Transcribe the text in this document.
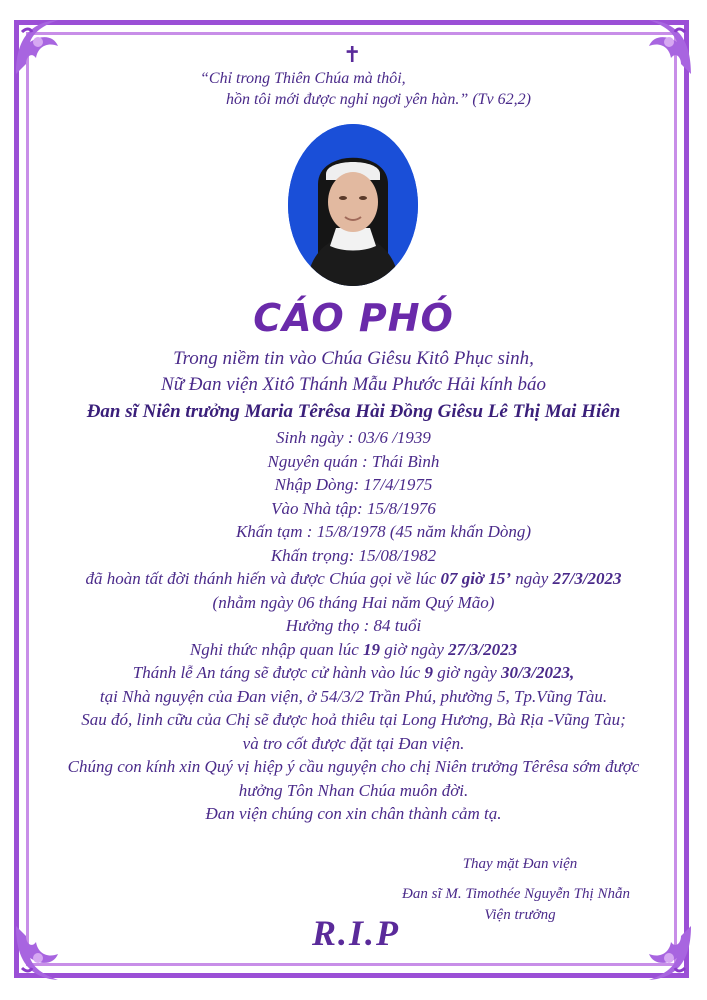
✝
“Chỉ trong Thiên Chúa mà thôi,
hồn tôi mới được nghỉ ngơi yên hàn.” (Tv 62,2)
CÁO PHÓ
Trong niềm tin vào Chúa Giêsu Kitô Phục sinh,
Nữ Đan viện Xitô Thánh Mẫu Phước Hải kính báo
Đan sĩ Niên trưởng Maria Têrêsa Hài Đồng Giêsu Lê Thị Mai Hiên
Sinh ngày : 03/6 /1939
Nguyên quán : Thái Bình
Nhập Dòng: 17/4/1975
Vào Nhà tập: 15/8/1976
Khấn tạm : 15/8/1978 (45 năm khấn Dòng)
Khấn trọng: 15/08/1982
đã hoàn tất đời thánh hiến và được Chúa gọi về lúc 07 giờ 15’ ngày 27/3/2023
(nhằm ngày 06 tháng Hai năm Quý Mão)
Hưởng thọ : 84 tuổi
Nghi thức nhập quan lúc 19 giờ ngày 27/3/2023
Thánh lễ An táng sẽ được cử hành vào lúc 9 giờ ngày 30/3/2023,
tại Nhà nguyện của Đan viện, ở 54/3/2 Trần Phú, phường 5, Tp.Vũng Tàu.
Sau đó, linh cữu của Chị sẽ được hoả thiêu tại Long Hương, Bà Rịa -Vũng Tàu;
và tro cốt được đặt tại Đan viện.
Chúng con kính xin Quý vị hiệp ý cầu nguyện cho chị Niên trưởng Têrêsa sớm được
hưởng Tôn Nhan Chúa muôn đời.
Đan viện chúng con xin chân thành cảm tạ.
Thay mặt Đan viện
Đan sĩ M. Timothée Nguyễn Thị Nhẫn
Viện trưởng
R.I.P
